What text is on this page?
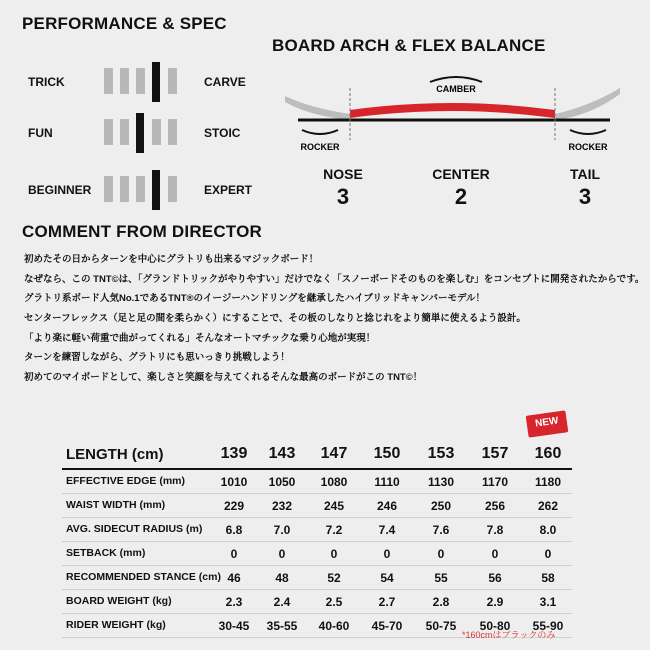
PERFORMANCE & SPEC
TRICK	CARVE
FUN	STOIC
BEGINNER	EXPERT
BOARD ARCH & FLEX BALANCE
CAMBER
ROCKER	ROCKER
NOSE
3
CENTER
2
TAIL
3
COMMENT FROM DIRECTOR
初めたその日からターンを中心にグラトリも出来るマジックボード！
なぜなら、この TNT©は、「グランドトリックがやりやすい」だけでなく「スノーボードそのものを楽しむ」をコンセプトに開発されたからです。
グラトリ系ボード人気No.1であるTNT®のイージーハンドリングを継承したハイブリッドキャンバーモデル！
センターフレックス（足と足の間を柔らかく）にすることで、その板のしなりと捻じれをより簡単に使えるよう設計。
「より楽に軽い荷重で曲がってくれる」そんなオートマチックな乗り心地が実現！
ターンを練習しながら、グラトリにも思いっきり挑戦しよう！
初めてのマイボードとして、楽しさと笑顔を与えてくれるそんな最高のボードがこの TNT©！
NEW
LENGTH (cm)	139	143	147	150	153	157	160
EFFECTIVE EDGE (mm)	1010	1050	1080	1110	1130	1170	1180
WAIST WIDTH (mm)	229	232	245	246	250	256	262
AVG. SIDECUT RADIUS (m)	6.8	7.0	7.2	7.4	7.6	7.8	8.0
SETBACK (mm)	0	0	0	0	0	0	0
RECOMMENDED STANCE (cm) 46	48	52	54	55	56	58
BOARD WEIGHT (kg)	2.3	2.4	2.5	2.7	2.8	2.9	3.1
RIDER WEIGHT (kg)	30-45	35-55	40-60	45-70	50-75	50-80	55-90
*160cmはブラックのみ
